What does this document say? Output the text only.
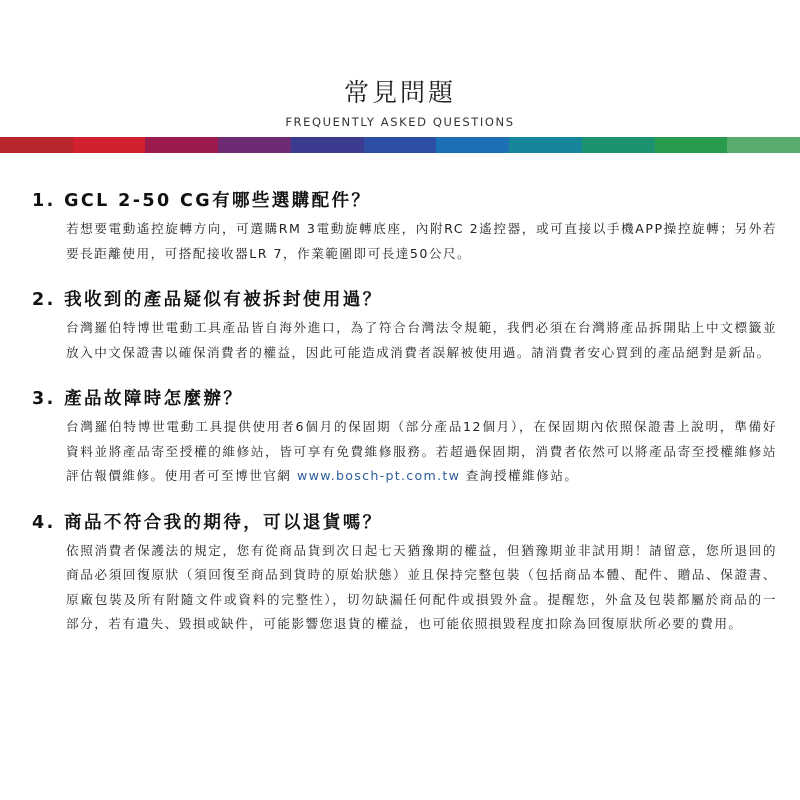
常見問題
FREQUENTLY ASKED QUESTIONS
1. GCL 2-50 CG有哪些選購配件？
若想要電動遙控旋轉方向，可選購RM 3電動旋轉底座，內附RC 2遙控器，或可直接以手機APP操控旋轉；另外若要長距離使用，可搭配接收器LR 7，作業範圍即可長達50公尺。
2. 我收到的產品疑似有被拆封使用過？
台灣羅伯特博世電動工具產品皆自海外進口，為了符合台灣法令規範，我們必須在台灣將產品拆開貼上中文標籤並放入中文保證書以確保消費者的權益，因此可能造成消費者誤解被使用過。請消費者安心買到的產品絕對是新品。
3. 產品故障時怎麼辦？
台灣羅伯特博世電動工具提供使用者6個月的保固期（部分產品12個月），在保固期內依照保證書上說明，準備好資料並將產品寄至授權的維修站，皆可享有免費維修服務。若超過保固期，消費者依然可以將產品寄至授權維修站評估報價維修。使用者可至博世官網 www.bosch-pt.com.tw 查詢授權維修站。
4. 商品不符合我的期待，可以退貨嗎？
依照消費者保護法的規定，您有從商品貨到次日起七天猶豫期的權益，但猶豫期並非試用期！請留意，您所退回的商品必須回復原狀（須回復至商品到貨時的原始狀態）並且保持完整包裝（包括商品本體、配件、贈品、保證書、原廠包裝及所有附隨文件或資料的完整性），切勿缺漏任何配件或損毀外盒。提醒您，外盒及包裝都屬於商品的一部分，若有遺失、毀損或缺件，可能影響您退貨的權益，也可能依照損毀程度扣除為回復原狀所必要的費用。
